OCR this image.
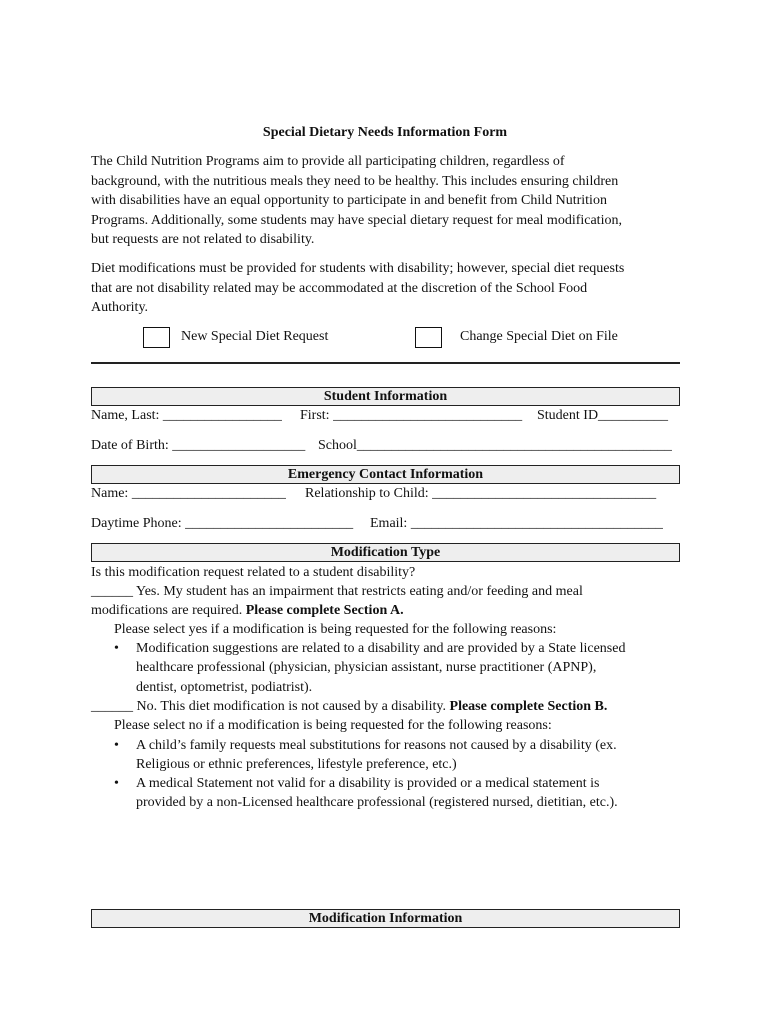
Special Dietary Needs Information Form
The Child Nutrition Programs aim to provide all participating children, regardless of
background, with the nutritious meals they need to be healthy. This includes ensuring children
with disabilities have an equal opportunity to participate in and benefit from Child Nutrition
Programs. Additionally, some students may have special dietary request for meal modification,
but requests are not related to disability.
Diet modifications must be provided for students with disability; however, special diet requests
that are not disability related may be accommodated at the discretion of the School Food
Authority.
New Special Diet Request	Change Special Diet on File
Student Information
Name, Last: _________________ First: ___________________________ Student ID__________
Date of Birth: ___________________ School_____________________________________________
Emergency Contact Information
Name: ______________________ Relationship to Child: ________________________________
Daytime Phone: ________________________ Email: ____________________________________
Modification Type
Is this modification request related to a student disability?
______ Yes. My student has an impairment that restricts eating and/or feeding and meal
modifications are required. Please complete Section A.
Please select yes if a modification is being requested for the following reasons:
• Modification suggestions are related to a disability and are provided by a State licensed
healthcare professional (physician, physician assistant, nurse practitioner (APNP),
dentist, optometrist, podiatrist).
______ No. This diet modification is not caused by a disability. Please complete Section B.
Please select no if a modification is being requested for the following reasons:
• A child’s family requests meal substitutions for reasons not caused by a disability (ex.
Religious or ethnic preferences, lifestyle preference, etc.)
• A medical Statement not valid for a disability is provided or a medical statement is
provided by a non-Licensed healthcare professional (registered nursed, dietitian, etc.).
Modification Information
